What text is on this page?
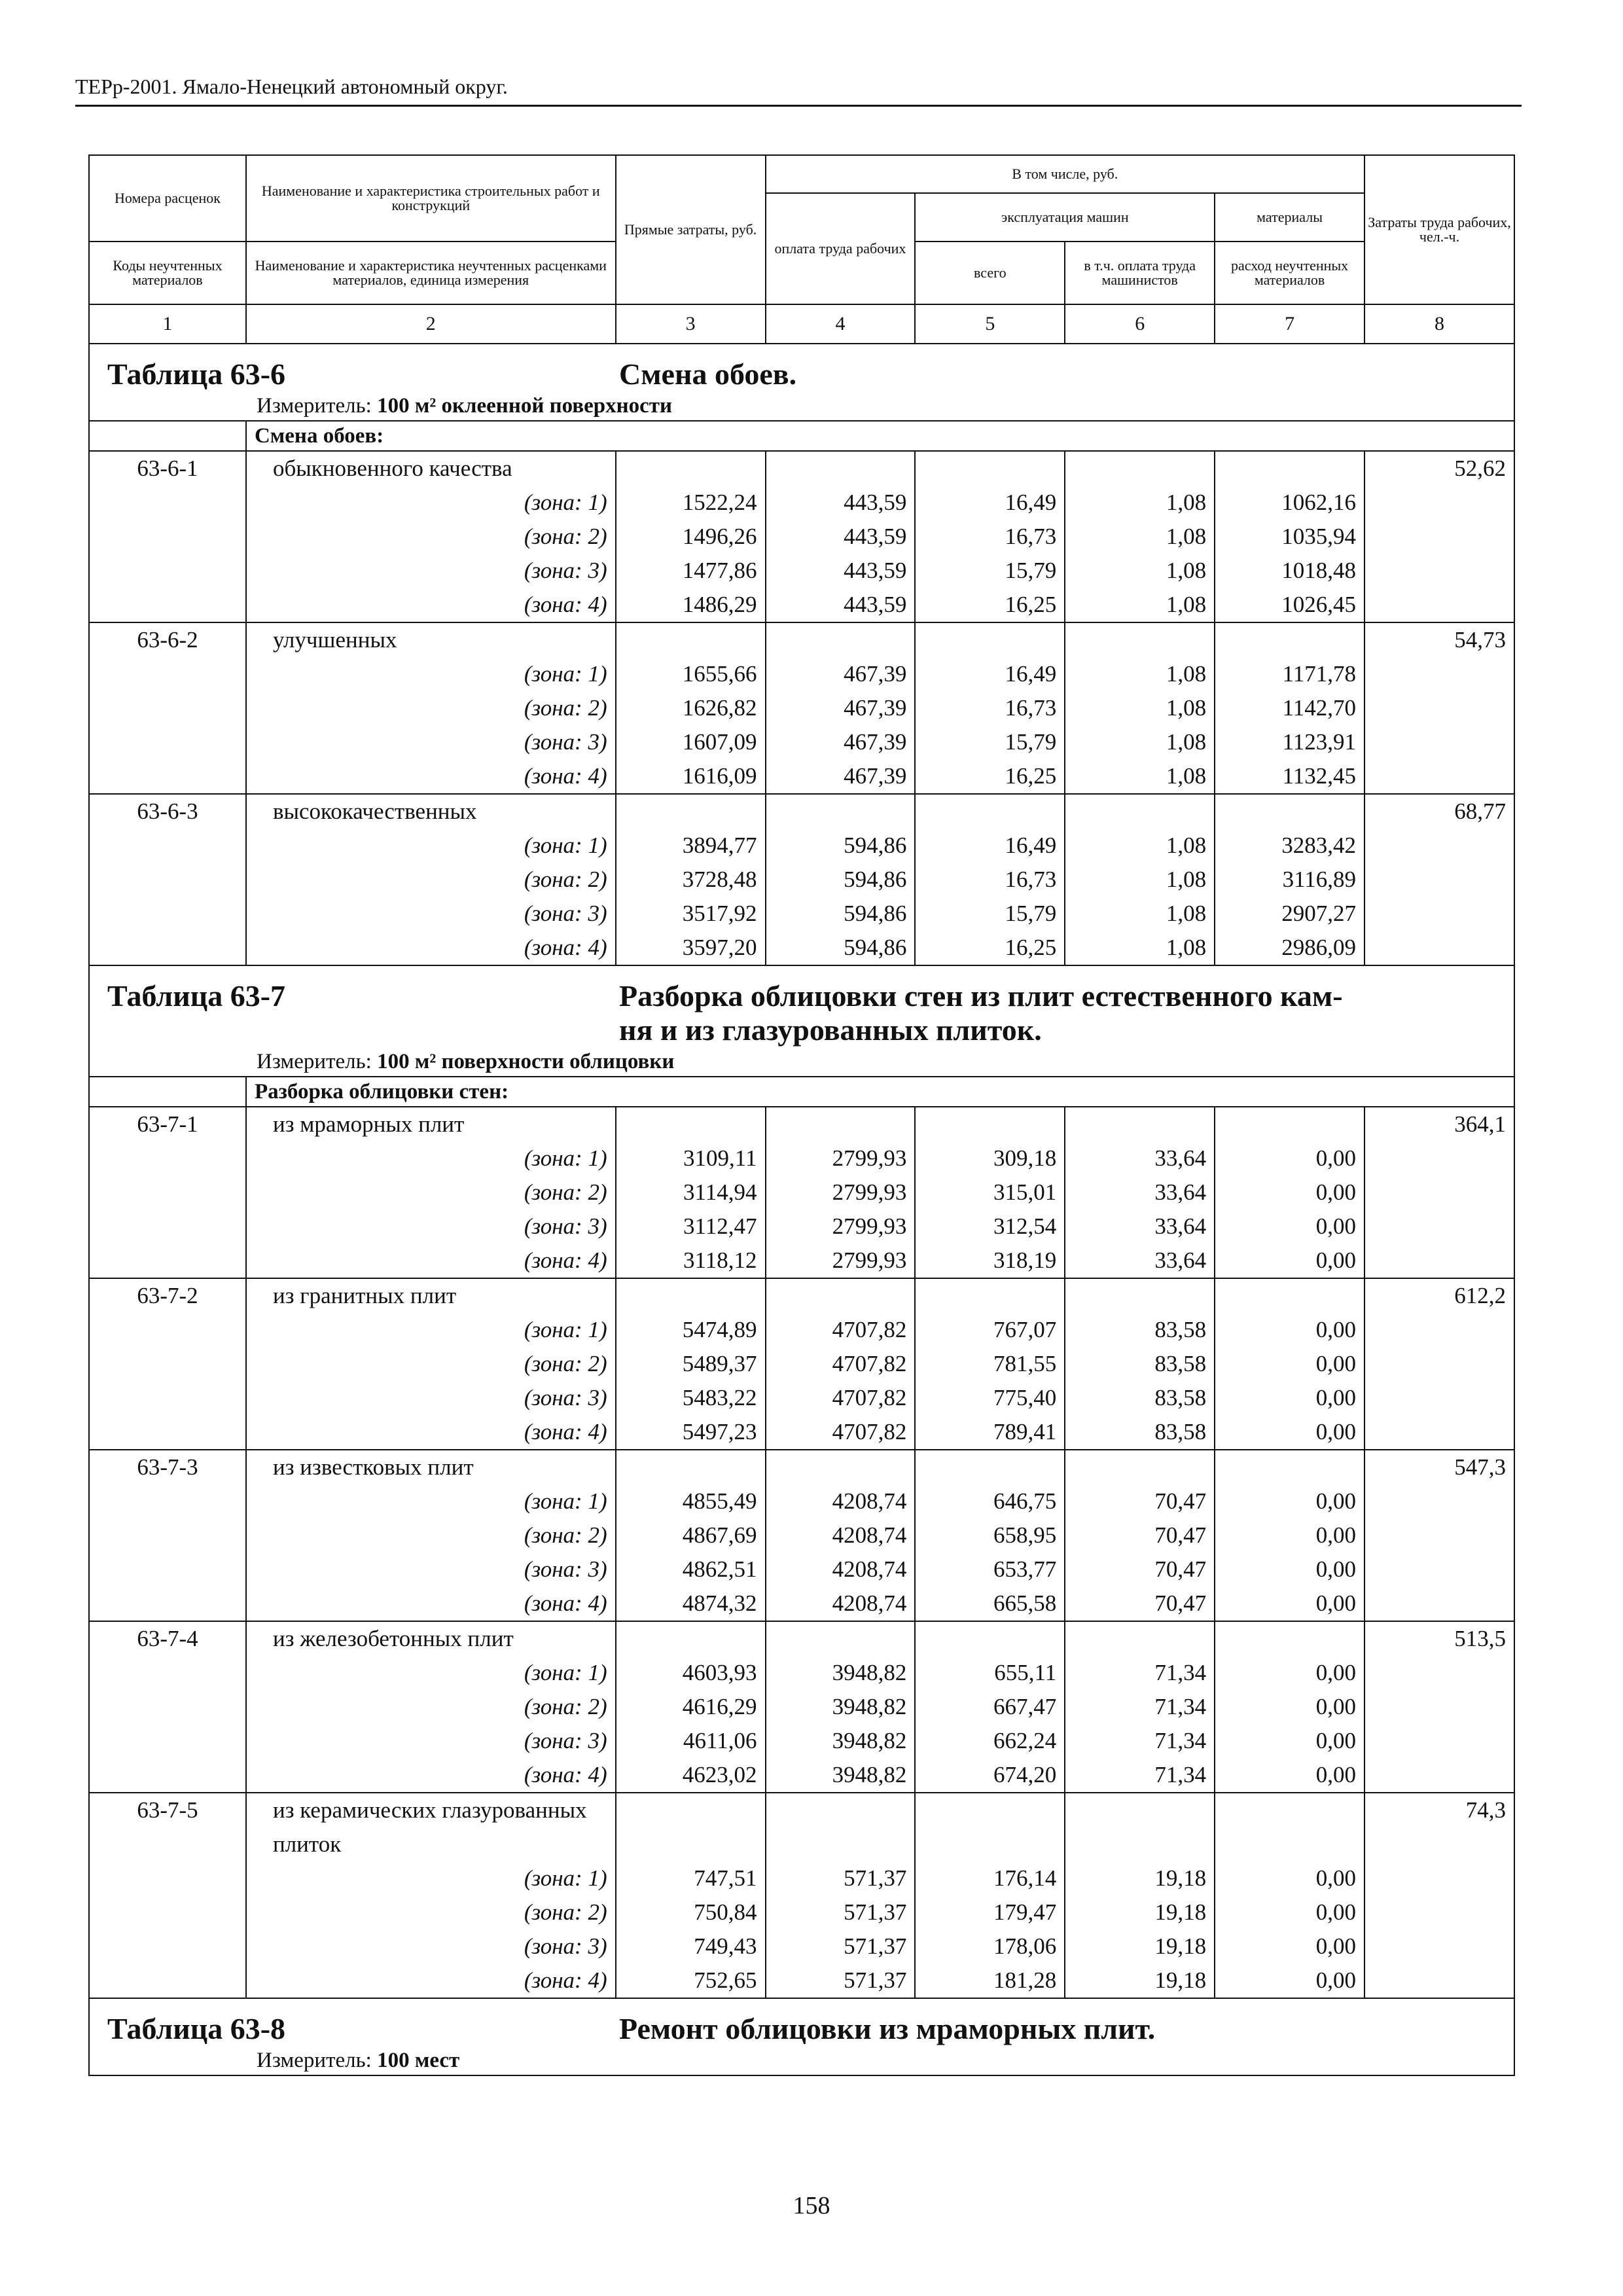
ТЕРр-2001. Ямало-Ненецкий автономный округ.
Номера расценок	Наименование и характеристика строительных работ и конструкций	Прямые затраты, руб.	В том числе, руб.				Затраты труда рабочих, чел.-ч.
			оплата труда рабочих	эксплуатация машин		материалы	
Коды неучтенных материалов	Наименование и характеристика неучтенных расценками материалов, единица измерения			всего	в т.ч. оплата труда машинистов	расход неучтенных материалов	
1	2	3	4	5	6	7	8

Таблица 63-6 Смена обоев.
Измеритель: 100 м² оклеенной поверхности							

	Смена обоев:						
63-6-1	обыкновенного качества						52,62
	(зона: 1)	1522,24	443,59	16,49	1,08	1062,16	
	(зона: 2)	1496,26	443,59	16,73	1,08	1035,94	
	(зона: 3)	1477,86	443,59	15,79	1,08	1018,48	
	(зона: 4)	1486,29	443,59	16,25	1,08	1026,45	
63-6-2	улучшенных						54,73
	(зона: 1)	1655,66	467,39	16,49	1,08	1171,78	
	(зона: 2)	1626,82	467,39	16,73	1,08	1142,70	
	(зона: 3)	1607,09	467,39	15,79	1,08	1123,91	
	(зона: 4)	1616,09	467,39	16,25	1,08	1132,45	
63-6-3	высококачественных						68,77
	(зона: 1)	3894,77	594,86	16,49	1,08	3283,42	
	(зона: 2)	3728,48	594,86	16,73	1,08	3116,89	
	(зона: 3)	3517,92	594,86	15,79	1,08	2907,27	
	(зона: 4)	3597,20	594,86	16,25	1,08	2986,09	

Таблица 63-7 Разборка облицовки стен из плит естественного кам-
ня и из глазурованных плиток.
Измеритель: 100 м² поверхности облицовки							

	Разборка облицовки стен:						
63-7-1	из мраморных плит						364,1
	(зона: 1)	3109,11	2799,93	309,18	33,64	0,00	
	(зона: 2)	3114,94	2799,93	315,01	33,64	0,00	
	(зона: 3)	3112,47	2799,93	312,54	33,64	0,00	
	(зона: 4)	3118,12	2799,93	318,19	33,64	0,00	
63-7-2	из гранитных плит						612,2
	(зона: 1)	5474,89	4707,82	767,07	83,58	0,00	
	(зона: 2)	5489,37	4707,82	781,55	83,58	0,00	
	(зона: 3)	5483,22	4707,82	775,40	83,58	0,00	
	(зона: 4)	5497,23	4707,82	789,41	83,58	0,00	
63-7-3	из известковых плит						547,3
	(зона: 1)	4855,49	4208,74	646,75	70,47	0,00	
	(зона: 2)	4867,69	4208,74	658,95	70,47	0,00	
	(зона: 3)	4862,51	4208,74	653,77	70,47	0,00	
	(зона: 4)	4874,32	4208,74	665,58	70,47	0,00	
63-7-4	из железобетонных плит						513,5
	(зона: 1)	4603,93	3948,82	655,11	71,34	0,00	
	(зона: 2)	4616,29	3948,82	667,47	71,34	0,00	
	(зона: 3)	4611,06	3948,82	662,24	71,34	0,00	
	(зона: 4)	4623,02	3948,82	674,20	71,34	0,00	
63-7-5	из керамических глазурованных
плиток						74,3
	(зона: 1)	747,51	571,37	176,14	19,18	0,00	
	(зона: 2)	750,84	571,37	179,47	19,18	0,00	
	(зона: 3)	749,43	571,37	178,06	19,18	0,00	
	(зона: 4)	752,65	571,37	181,28	19,18	0,00	

Таблица 63-8 Ремонт облицовки из мраморных плит.
Измеритель: 100 мест							
158
